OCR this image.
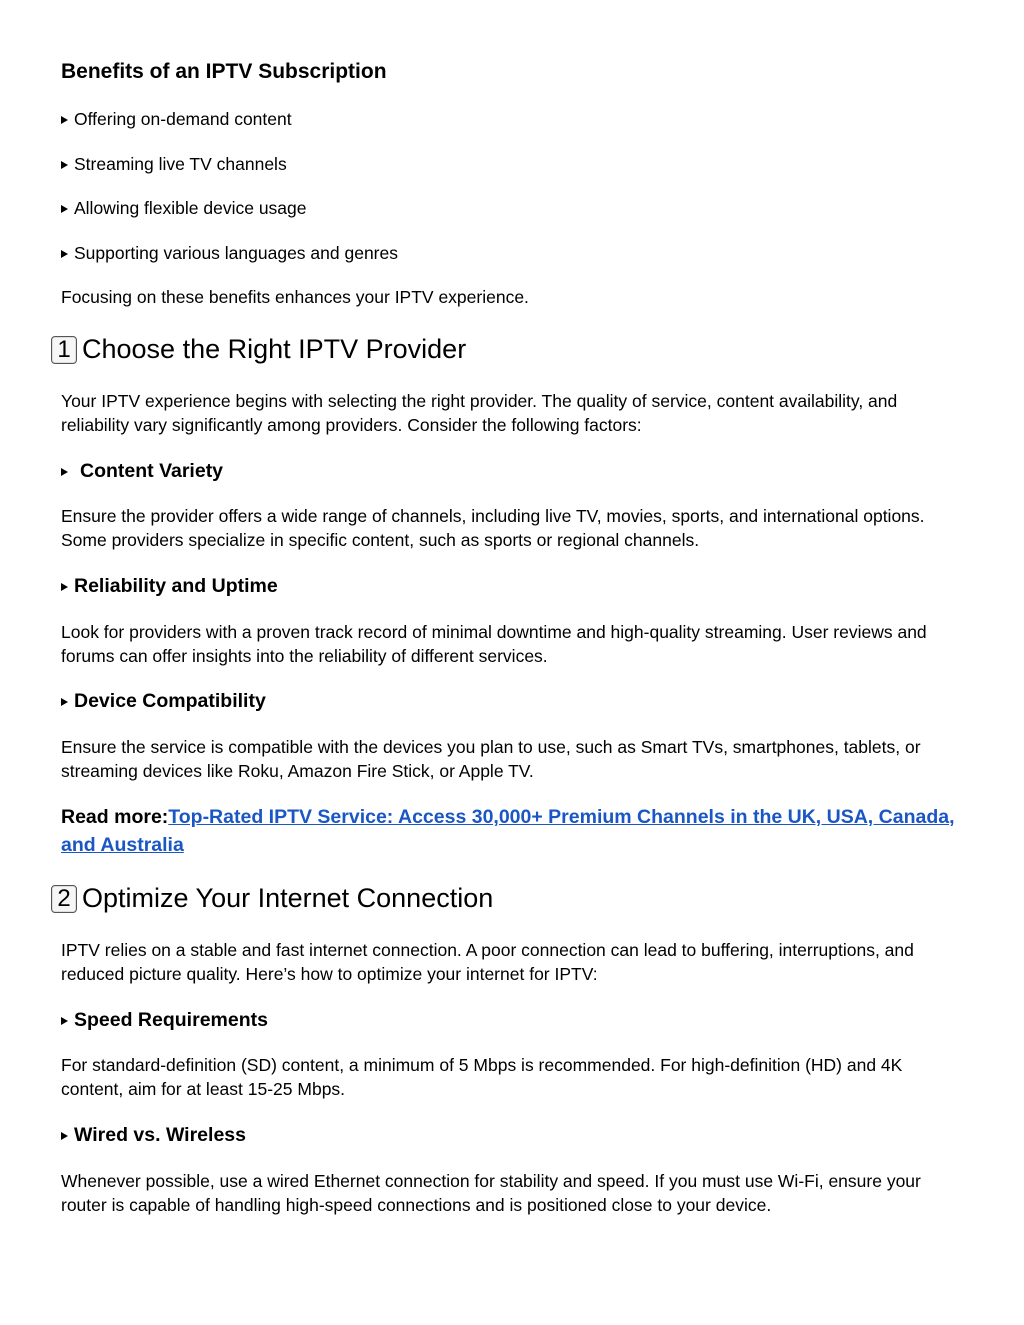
Benefits of an IPTV Subscription
Offering on-demand content
Streaming live TV channels
Allowing flexible device usage
Supporting various languages and genres
Focusing on these benefits enhances your IPTV experience.
1 Choose the Right IPTV Provider
Your IPTV experience begins with selecting the right provider. The quality of service, content availability, and reliability vary significantly among providers. Consider the following factors:
Content Variety
Ensure the provider offers a wide range of channels, including live TV, movies, sports, and international options. Some providers specialize in specific content, such as sports or regional channels.
Reliability and Uptime
Look for providers with a proven track record of minimal downtime and high-quality streaming. User reviews and forums can offer insights into the reliability of different services.
Device Compatibility
Ensure the service is compatible with the devices you plan to use, such as Smart TVs, smartphones, tablets, or streaming devices like Roku, Amazon Fire Stick, or Apple TV.
Read more:Top-Rated IPTV Service: Access 30,000+ Premium Channels in the UK, USA, Canada, and Australia
2 Optimize Your Internet Connection
IPTV relies on a stable and fast internet connection. A poor connection can lead to buffering, interruptions, and reduced picture quality. Here’s how to optimize your internet for IPTV:
Speed Requirements
For standard-definition (SD) content, a minimum of 5 Mbps is recommended. For high-definition (HD) and 4K content, aim for at least 15-25 Mbps.
Wired vs. Wireless
Whenever possible, use a wired Ethernet connection for stability and speed. If you must use Wi-Fi, ensure your router is capable of handling high-speed connections and is positioned close to your device.
